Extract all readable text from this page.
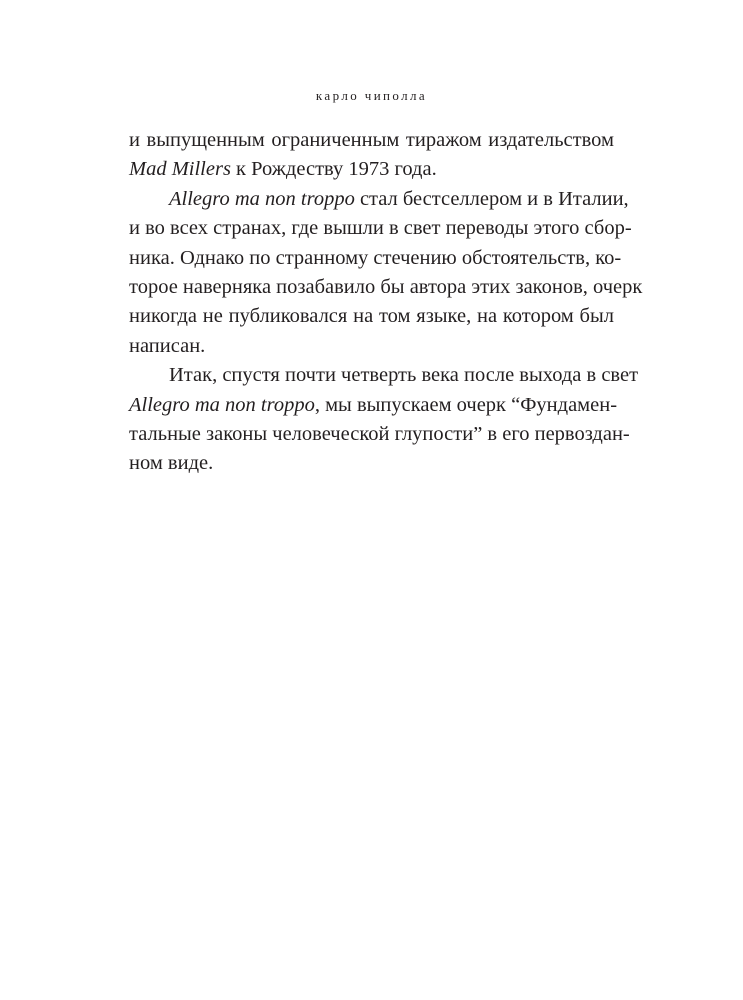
карло чиполла
и выпущенным ограниченным тиражом издательством
Mad Millers к Рождеству 1973 года.
Allegro ma non troppo стал бестселлером и в Италии,
и во всех странах, где вышли в свет переводы этого сбор-
ника. Однако по странному стечению обстоятельств, ко-
торое наверняка позабавило бы автора этих законов, очерк
никогда не публиковался на том языке, на котором был
написан.
Итак, спустя почти четверть века после выхода в свет
Allegro ma non troppo, мы выпускаем очерк “Фундамен-
тальные законы человеческой глупости” в его первоздан-
ном виде.
